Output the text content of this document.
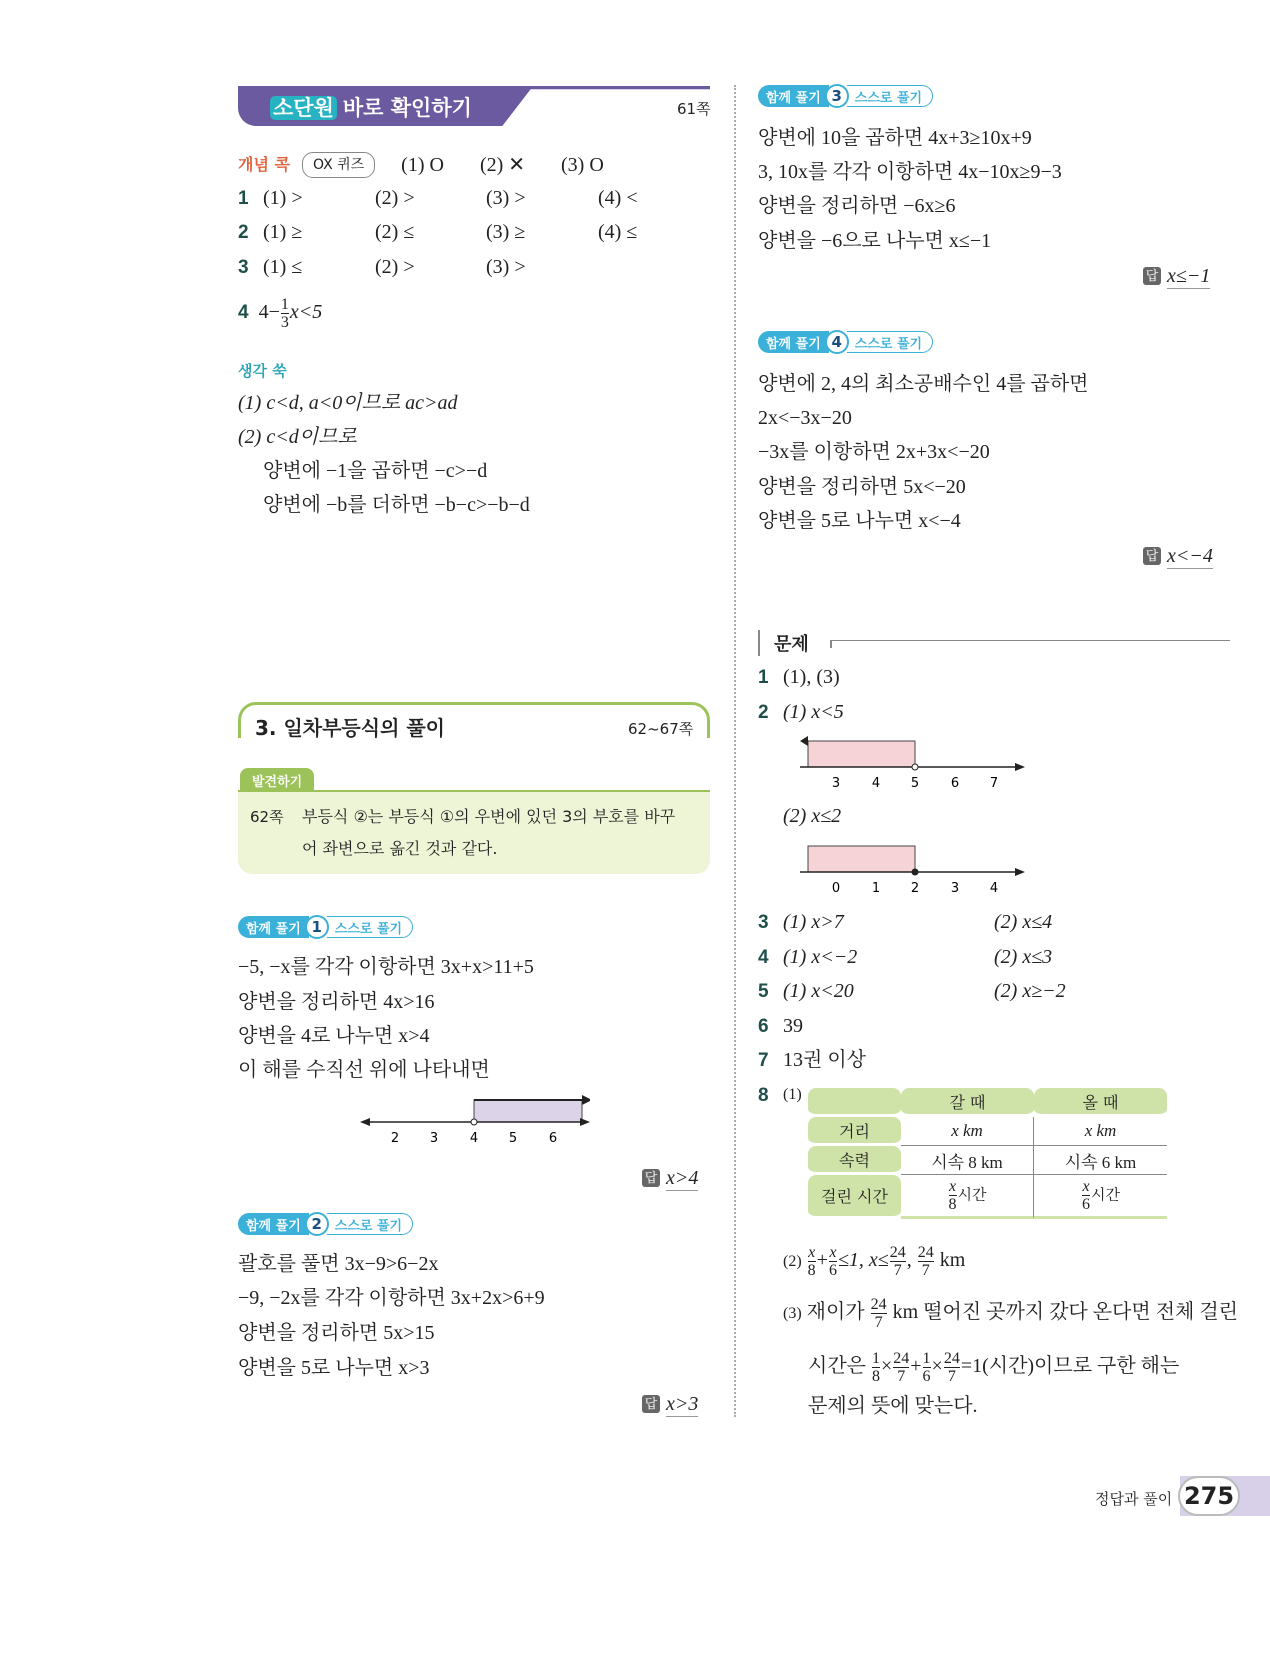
소단원 바로 확인하기	61쪽
개념 콕	OX 퀴즈	(1) O (2) ✕ (3) O
1 (1) >	(2) >	(3) >	(4) <
2 (1) ≥	(2) ≤	(3) ≥	(4) ≤
3 (1) ≤	(2) >	(3) >
4 $4- \frac{1}{3} x<5$
생각 쑥
(1) c<d, a<0이므로 ac>ad
(2) c<d이므로
양변에 −1을 곱하면 −c>−d
양변에 −b를 더하면 −b−c>−b−d
3. 일차부등식의 풀이	62~67쪽
발견하기
62쪽 부등식 ②는 부등식 ①의 우변에 있던 3의 부호를 바꾸
어 좌변으로 옮긴 것과 같다.
함께 풀기 1 스스로 풀기
−5, −x를 각각 이항하면 3x+x>11+5
양변을 정리하면 4x>16
양변을 4로 나누면 x>4
이 해를 수직선 위에 나타내면
2 3 4 5 6
답 x>4
함께 풀기 2 스스로 풀기
괄호를 풀면 3x−9>6−2x
−9, −2x를 각각 이항하면 3x+2x>6+9
양변을 정리하면 5x>15
양변을 5로 나누면 x>3
답 x>3
함께 풀기 3 스스로 풀기
양변에 10을 곱하면 4x+3≥10x+9
3, 10x를 각각 이항하면 4x−10x≥9−3
양변을 정리하면 −6x≥6
양변을 −6으로 나누면 x≤−1
답 x≤−1
함께 풀기 4 스스로 풀기
양변에 2, 4의 최소공배수인 4를 곱하면
2x<−3x−20
−3x를 이항하면 2x+3x<−20
양변을 정리하면 5x<−20
양변을 5로 나누면 x<−4
답 x<−4
문제
1 (1), (3)
2 (1) x<5
3 4 5 6 7
(2) x≤2
0 1 2 3 4
3 (1) x>7	(2) x≤4
4 (1) x<−2	(2) x≤3
5 (1) x<20	(2) x≥−2
6 39
7 13권 이상
8 (1)
		갈 때	올 때
거리	x km	x km
속력	시속 8 km	시속 6 km
걸린 시간	$\frac{x}{8}$ 시간	$\frac{x}{6}$ 시간
$(2) \frac{x}{8} + \frac{x}{6} \le 1$, $x\le \frac{24}{7}$ , $\frac{24}{7}$ km
(3) 재이가 $\frac{24}{7}$ km 떨어진 곳까지 갔다 온다면 전체 걸린
시간은 $\frac{1}{8} \times \frac{24}{7} + \frac{1}{6} \times \frac{24}{7} =1$(시간)이므로 구한 해는
문제의 뜻에 맞는다.
정답과 풀이 275
